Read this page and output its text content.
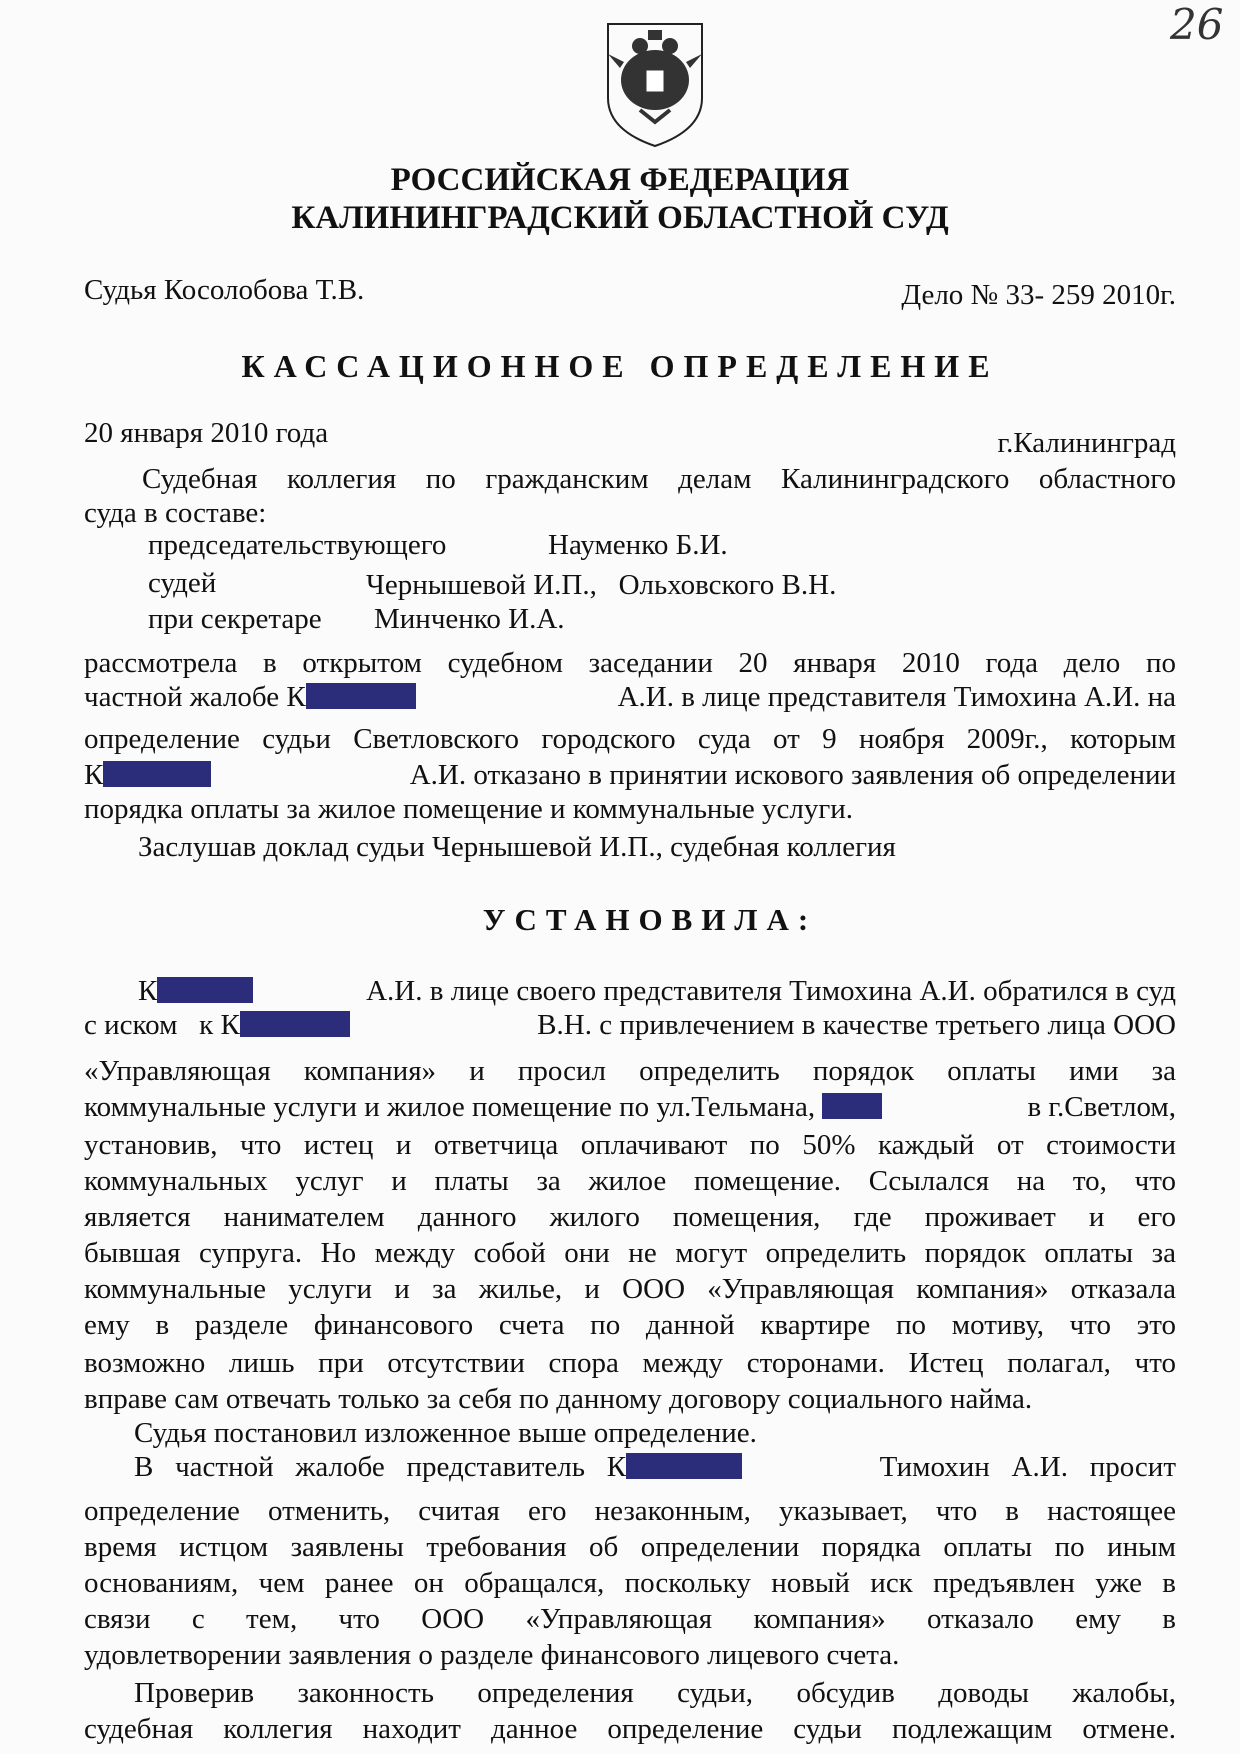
26
РОССИЙСКАЯ ФЕДЕРАЦИЯ
КАЛИНИНГРАДСКИЙ ОБЛАСТНОЙ СУД
Судья Косолобова Т.В.	Дело № 33- 259 2010г.
КАССАЦИОННОЕ ОПРЕДЕЛЕНИЕ
20 января 2010 года	г.Калининград
Судебная коллегия по гражданским делам Калининградского областного
суда в составе:
председательствующего	Науменко Б.И.
судей	Чернышевой И.П.,   Ольховского В.Н.
при секретаре	Минченко И.А.
рассмотрела в открытом судебном заседании 20 января 2010 года дело по
частной жалобе К	А.И. в лице представителя Тимохина А.И. на
определение судьи Светловского городского суда от 9 ноября 2009г., которым
К	А.И. отказано в принятии искового заявления об определении
порядка оплаты за жилое помещение и коммунальные услуги.
Заслушав доклад судьи Чернышевой И.П., судебная коллегия
УСТАНОВИЛА:
К	А.И. в лице своего представителя Тимохина А.И. обратился в суд
с иском   к К	В.Н. с привлечением в качестве третьего лица ООО
«Управляющая компания» и просил определить порядок оплаты ими за
коммунальные услуги и жилое помещение по ул.Тельмана,	в г.Светлом,
установив, что истец и ответчица оплачивают по 50% каждый от стоимости
коммунальных услуг и платы за жилое помещение. Ссылался на то, что
является нанимателем данного жилого помещения, где проживает и его
бывшая супруга. Но между собой они не могут определить порядок оплаты за
коммунальные услуги и за жилье, и ООО «Управляющая компания» отказала
ему в разделе финансового счета по данной квартире по мотиву, что это
возможно лишь при отсутствии спора между сторонами. Истец полагал, что
вправе сам отвечать только за себя по данному договору социального найма.
Судья постановил изложенное выше определение.
В   частной   жалобе   представитель   К	Тимохин   А.И.   просит
определение отменить, считая его незаконным, указывает, что в настоящее
время истцом заявлены требования об определении порядка оплаты по иным
основаниям, чем ранее он обращался, поскольку новый иск предъявлен уже в
связи с тем, что ООО «Управляющая компания» отказало ему в
удовлетворении заявления о разделе финансового лицевого счета.
Проверив законность определения судьи, обсудив доводы жалобы,
судебная коллегия находит данное определение судьи подлежащим отмене.
